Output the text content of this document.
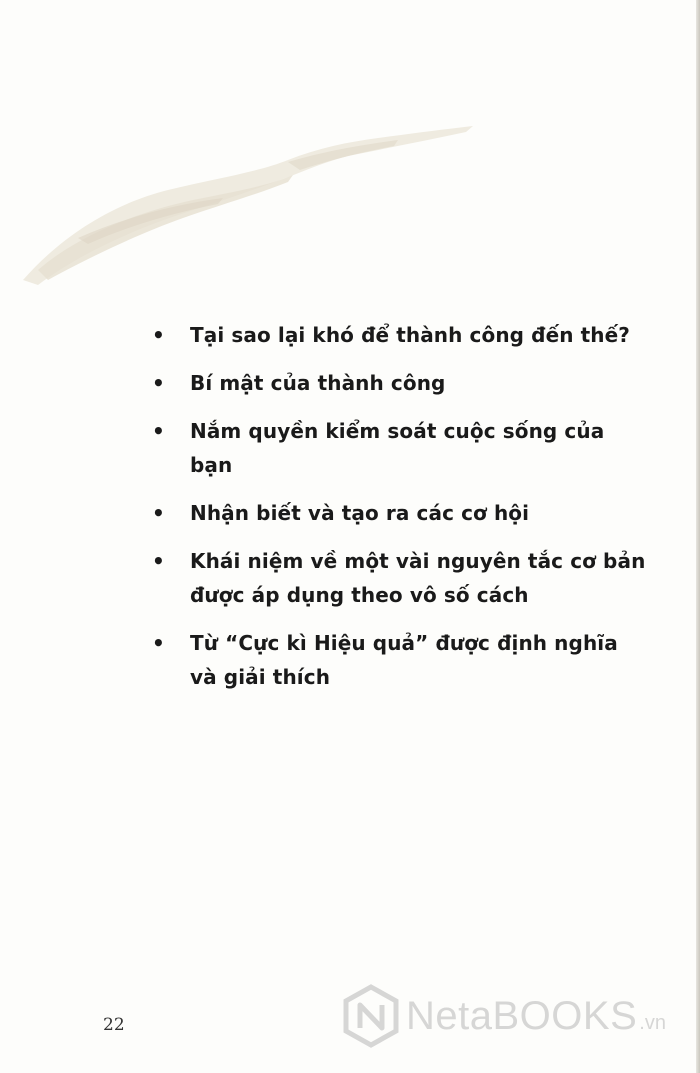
• Tại sao lại khó để thành công đến thế?
• Bí mật của thành công
• Nắm quyền kiểm soát cuộc sống của bạn
• Nhận biết và tạo ra các cơ hội
• Khái niệm về một vài nguyên tắc cơ bản được áp dụng theo vô số cách
• Từ “Cực kì Hiệu quả” được định nghĩa và giải thích
22	NetaBOOKS .vn
